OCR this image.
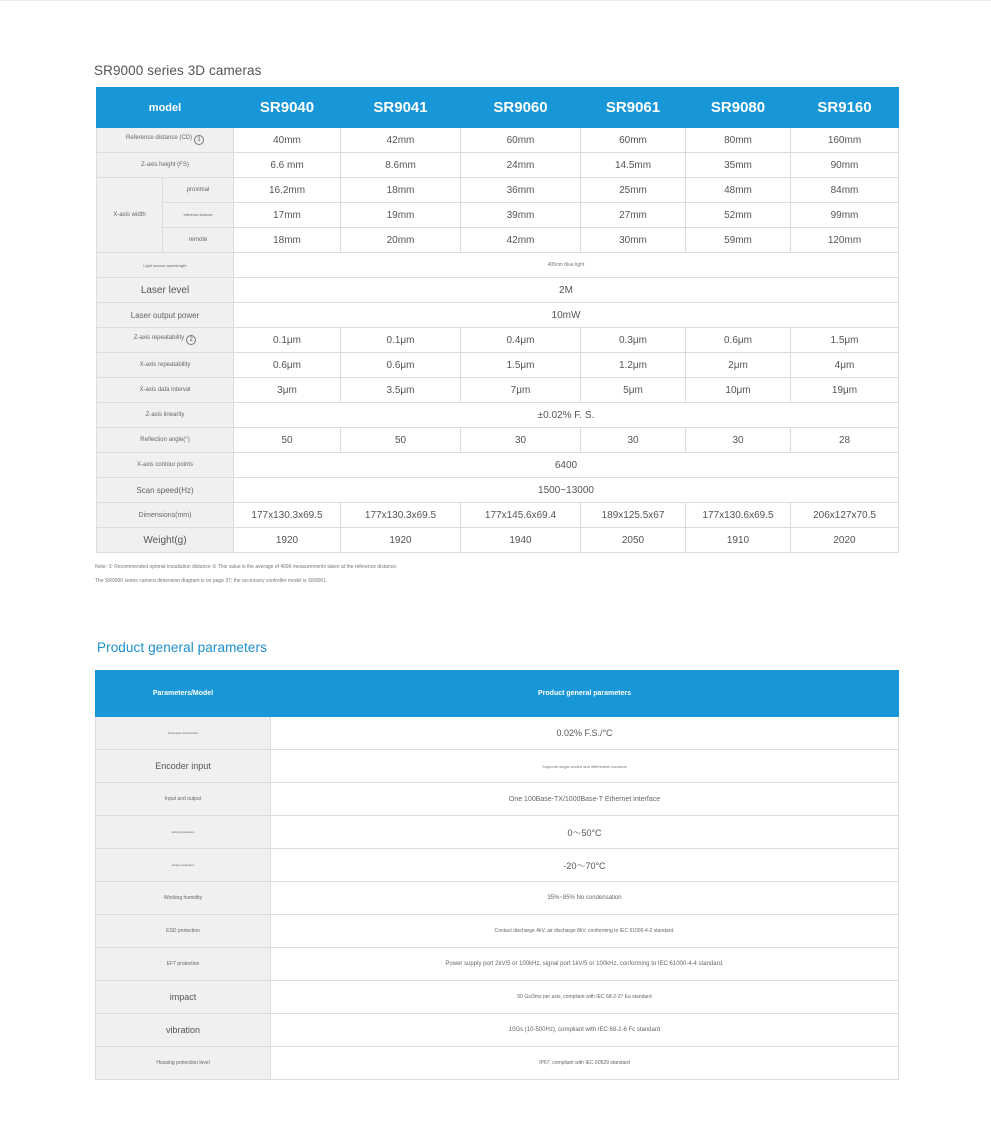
SR9000 series 3D cameras
model		SR9040	SR9041	SR9060	SR9061	SR9080	SR9160
Reference distance (CD) 1		40mm	42mm	60mm	60mm	80mm	160mm
Z-axis height (FS)		6.6 mm	8.6mm	24mm	14.5mm	35mm	90mm
X-axis width	proximal	16.2mm	18mm	36mm	25mm	48mm	84mm
	reference distance	17mm	19mm	39mm	27mm	52mm	99mm
	remote	18mm	20mm	42mm	30mm	59mm	120mm
Light source wavelength		405nm blue light					
Laser level		2M					
Laser output power		10mW					
Z-axis repeatability 2		0.1μm	0.1μm	0.4μm	0.3μm	0.6μm	1.5μm
X-axis repeatability		0.6μm	0.6μm	1.5μm	1.2μm	2μm	4μm
X-axis data interval		3μm	3.5μm	7μm	5μm	10μm	19μm
Z-axis linearity		±0.02% F. S.					
Reflection angle(°)		50	50	30	30	30	28
X-axis contour points		6400					
Scan speed(Hz)		1500~13000					
Dimensions(mm)		177x130.3x69.5	177x130.3x69.5	177x145.6x69.4	189x125.5x67	177x130.6x69.5	206x127x70.5
Weight(g)		1920	1920	1940	2050	1910	2020
Note: ① Recommended optimal installation distance ② This value is the average of 4096 measurements taken at the reference distance.
The SR9000 series camera dimension diagram is on page 37; the accessory controller model is SR9001.
Product general parameters
Parameters/Model	Product general parameters
Temperature characteristics	0.02% F.S./°C
Encoder input	Supports single-ended and differential encoders
Input and output	One 100Base-TX/1000Base-T Ethernet interface
working temperature	0～50°C
storage temperature	-20～70°C
Working humidity	35%~85% No condensation
ESD protection	Contact discharge 4kV, air discharge 8kV, conforming to IEC 61000-4-2 standard.
EFT protection	Power supply port 2kV/5 or 100kHz, signal port 1kV/5 or 100kHz, conforming to IEC 61000-4-4 standard.
impact	50 Gs/3ms per axis, compliant with IEC 68-2-27 Ea standard
vibration	10Gs (10-500Hz), compliant with IEC 68-2-6 Fc standard
Housing protection level	IP67, compliant with IEC 60529 standard
